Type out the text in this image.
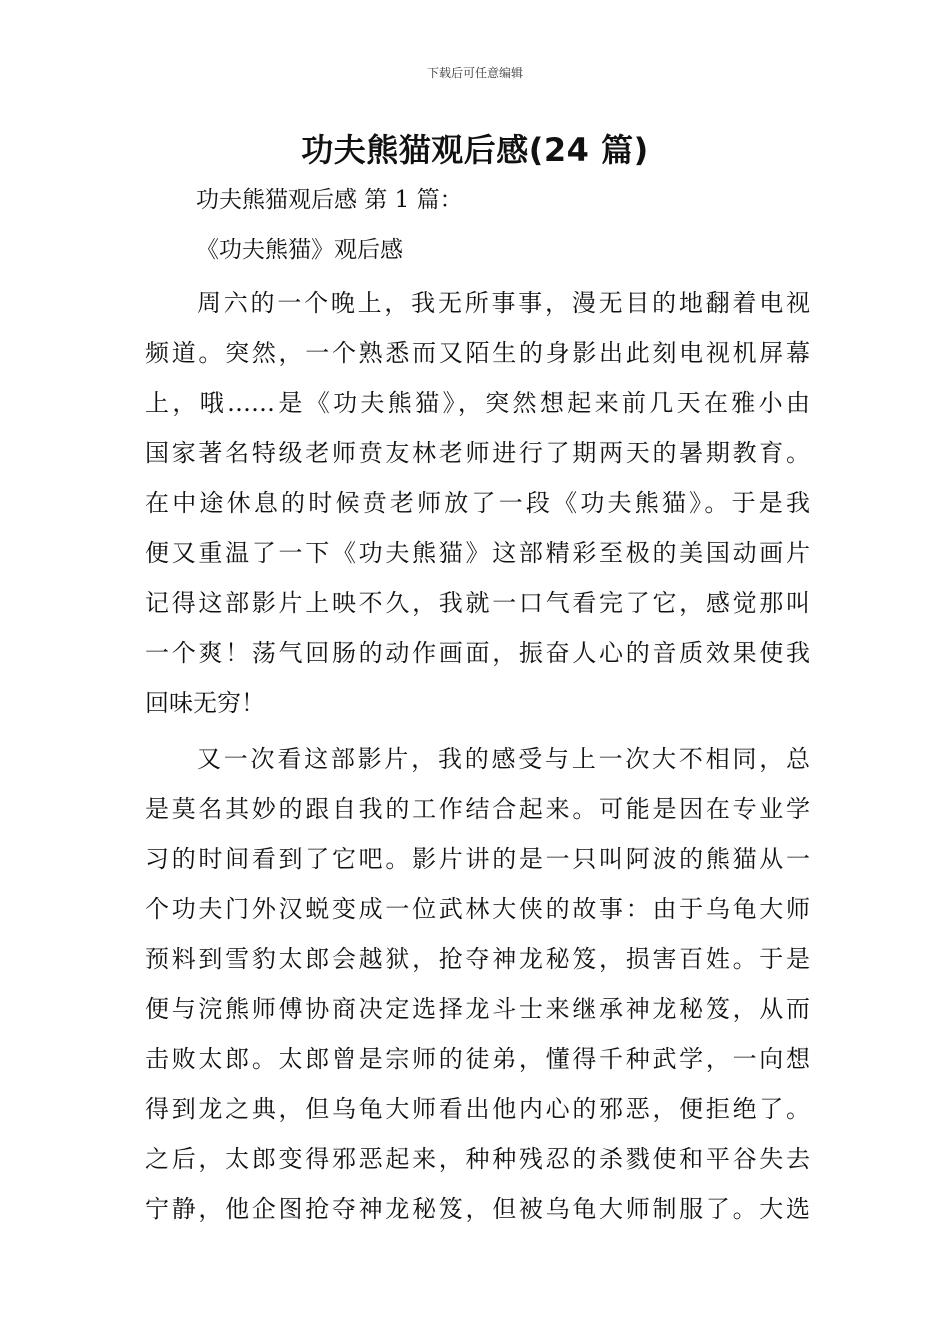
下载后可任意编辑
功夫熊猫观后感(24 篇)
功夫熊猫观后感 第 1 篇：
《功夫熊猫》观后感
周六的一个晚上，我无所事事，漫无目的地翻着电视
频道。突然，一个熟悉而又陌生的身影出此刻电视机屏幕
上，哦……是《功夫熊猫》，突然想起来前几天在雅小由
国家著名特级老师贲友林老师进行了期两天的暑期教育。
在中途休息的时候贲老师放了一段《功夫熊猫》。于是我
便又重温了一下《功夫熊猫》这部精彩至极的美国动画片
记得这部影片上映不久，我就一口气看完了它，感觉那叫
一个爽！荡气回肠的动作画面，振奋人心的音质效果使我
回味无穷！
又一次看这部影片，我的感受与上一次大不相同，总
是莫名其妙的跟自我的工作结合起来。可能是因在专业学
习的时间看到了它吧。影片讲的是一只叫阿波的熊猫从一
个功夫门外汉蜕变成一位武林大侠的故事：由于乌龟大师
预料到雪豹太郎会越狱，抢夺神龙秘笈，损害百姓。于是
便与浣熊师傅协商决定选择龙斗士来继承神龙秘笈，从而
击败太郎。太郎曾是宗师的徒弟，懂得千种武学，一向想
得到龙之典，但乌龟大师看出他内心的邪恶，便拒绝了。
之后，太郎变得邪恶起来，种种残忍的杀戮使和平谷失去
宁静，他企图抢夺神龙秘笈，但被乌龟大师制服了。大选
